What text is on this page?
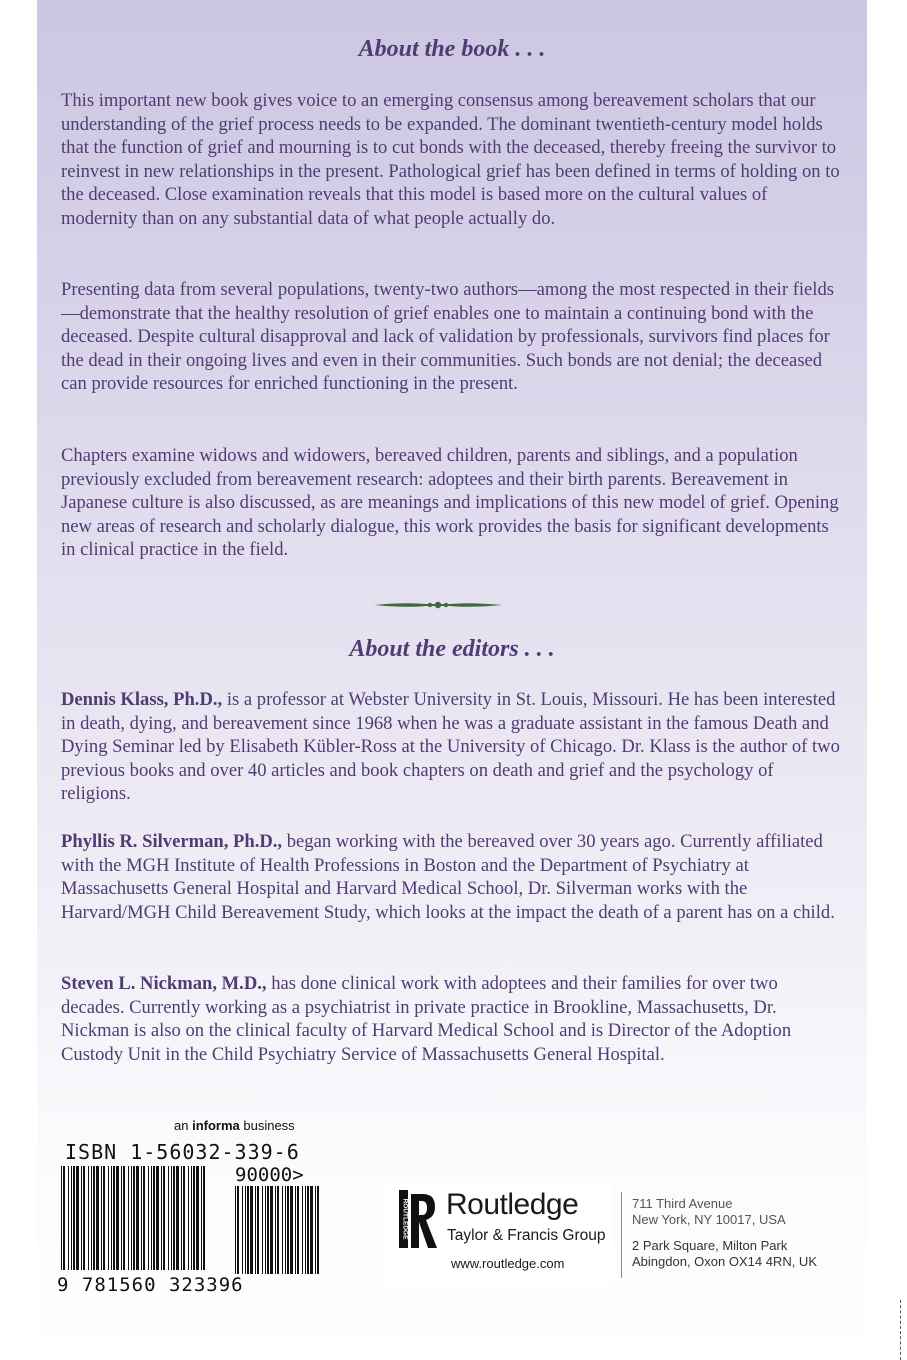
About the book . . .

This important new book gives voice to an emerging consensus among bereavement scholars that our understanding of the grief process needs to be expanded. The dominant twentieth-century model holds that the function of grief and mourning is to cut bonds with the deceased, thereby freeing the survivor to reinvest in new relationships in the present. Pathological grief has been defined in terms of holding on to the deceased. Close examination reveals that this model is based more on the cultural values of modernity than on any substantial data of what people actually do.

Presenting data from several populations, twenty-two authors—among the most respected in their fields—demonstrate that the healthy resolution of grief enables one to maintain a continuing bond with the deceased. Despite cultural disapproval and lack of validation by professionals, survivors find places for the dead in their ongoing lives and even in their communities. Such bonds are not denial; the deceased can provide resources for enriched functioning in the present.

Chapters examine widows and widowers, bereaved children, parents and siblings, and a population previously excluded from bereavement research: adoptees and their birth parents. Bereavement in Japanese culture is also discussed, as are meanings and implications of this new model of grief. Opening new areas of research and scholarly dialogue, this work provides the basis for significant developments in clinical practice in the field.

About the editors . . .

Dennis Klass, Ph.D., is a professor at Webster University in St. Louis, Missouri. He has been interested in death, dying, and bereavement since 1968 when he was a graduate assistant in the famous Death and Dying Seminar led by Elisabeth Kübler-Ross at the University of Chicago. Dr. Klass is the author of two previous books and over 40 articles and book chapters on death and grief and the psychology of religions.

Phyllis R. Silverman, Ph.D., began working with the bereaved over 30 years ago. Currently affiliated with the MGH Institute of Health Professions in Boston and the Department of Psychiatry at Massachusetts General Hospital and Harvard Medical School, Dr. Silverman works with the Harvard/MGH Child Bereavement Study, which looks at the impact the death of a parent has on a child.

Steven L. Nickman, M.D., has done clinical work with adoptees and their families for over two decades. Currently working as a psychiatrist in private practice in Brookline, Massachusetts, Dr. Nickman is also on the clinical faculty of Harvard Medical School and is Director of the Adoption Custody Unit in the Child Psychiatry Service of Massachusetts General Hospital.

an informa business
ISBN 1-56032-339-6
90000>
9 781560 323396
ROUTLEDGE Routledge
Taylor & Francis Group
www.routledge.com
711 Third Avenue
New York, NY 10017, USA
2 Park Square, Milton Park
Abingdon, Oxon OX14 4RN, UK
